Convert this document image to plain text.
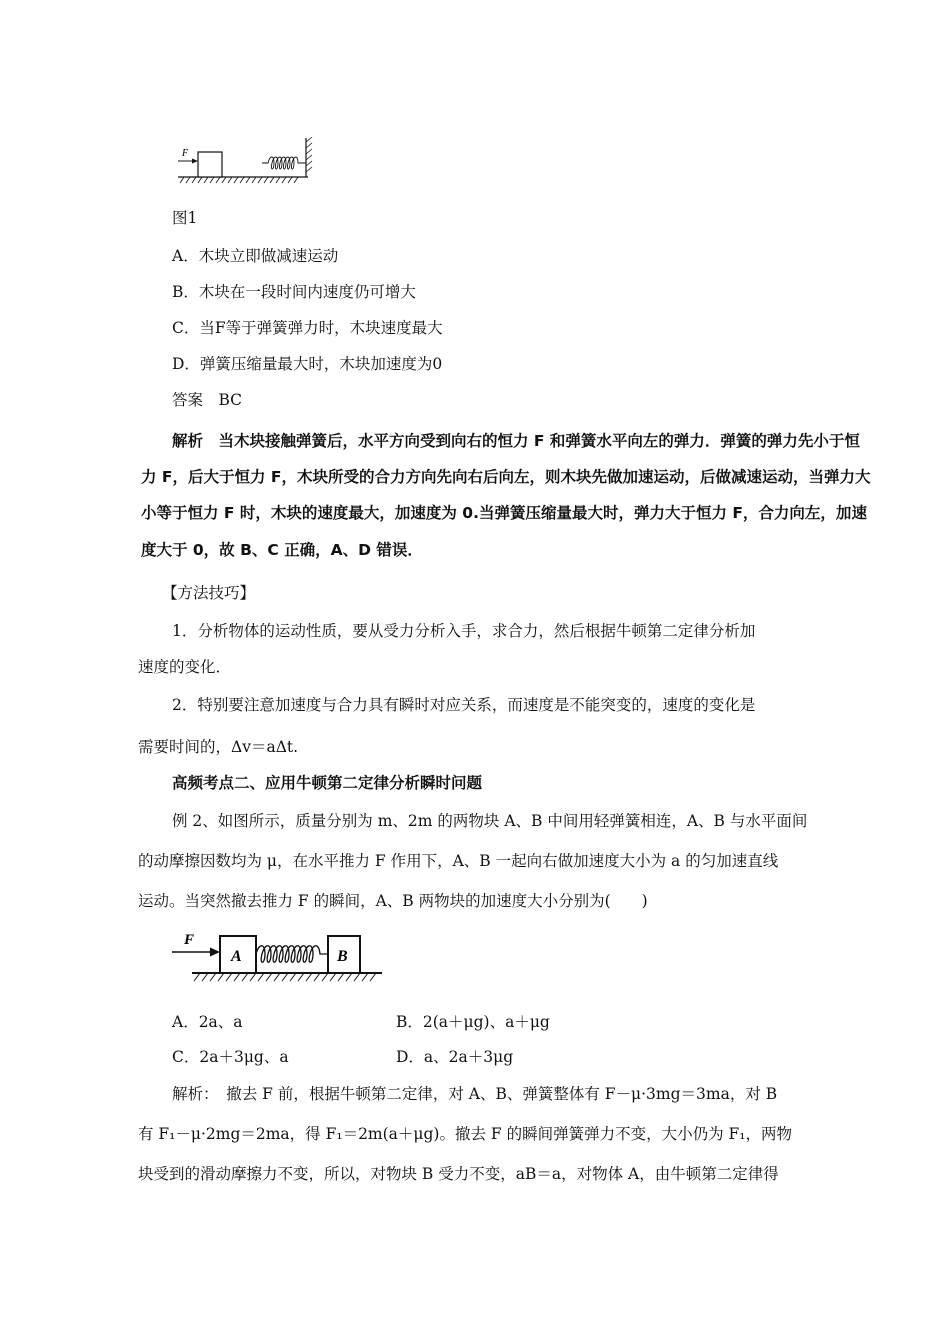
F
图1
A．木块立即做减速运动
B．木块在一段时间内速度仍可增大
C．当F等于弹簧弹力时，木块速度最大
D．弹簧压缩量最大时，木块加速度为0
答案　BC
解析　当木块接触弹簧后，水平方向受到向右的恒力 F 和弹簧水平向左的弹力．弹簧的弹力先小于恒
力 F，后大于恒力 F，木块所受的合力方向先向右后向左，则木块先做加速运动，后做减速运动，当弹力大
小等于恒力 F 时，木块的速度最大，加速度为 0.当弹簧压缩量最大时，弹力大于恒力 F，合力向左，加速
度大于 0，故 B、C 正确，A、D 错误．
【方法技巧】
1．分析物体的运动性质，要从受力分析入手，求合力，然后根据牛顿第二定律分析加
速度的变化．
2．特别要注意加速度与合力具有瞬时对应关系，而速度是不能突变的，速度的变化是
需要时间的，Δv＝aΔt.
高频考点二、应用牛顿第二定律分析瞬时问题
例 2、如图所示，质量分别为 m、2m 的两物块 A、B 中间用轻弹簧相连，A、B 与水平面间
的动摩擦因数均为 μ，在水平推力 F 作用下，A、B 一起向右做加速度大小为 a 的匀加速直线
运动。当突然撤去推力 F 的瞬间，A、B 两物块的加速度大小分别为(　　)
F
A	B
A．2a、a	B．2(a＋μg)、a＋μg
C．2a＋3μg、a	D．a、2a＋3μg
解析：　撤去 F 前，根据牛顿第二定律，对 A、B、弹簧整体有 F－μ·3mg＝3ma，对 B
有 F₁－μ·2mg＝2ma，得 F₁＝2m(a＋μg)。撤去 F 的瞬间弹簧弹力不变，大小仍为 F₁，两物
块受到的滑动摩擦力不变，所以，对物块 B 受力不变，aB＝a，对物体 A，由牛顿第二定律得
